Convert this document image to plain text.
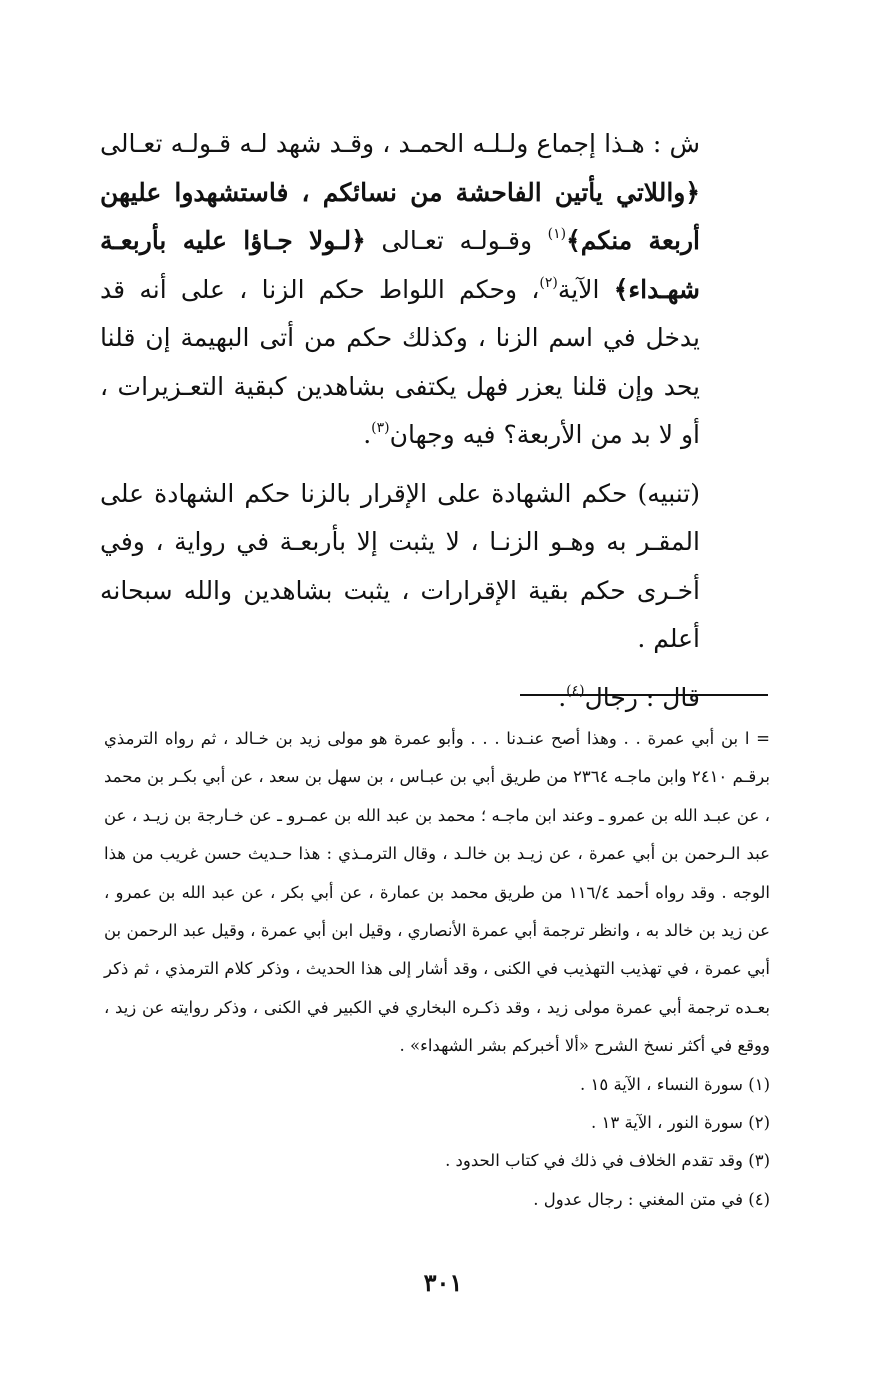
ش : هـذا إجماع ولـلـه الحمـد ، وقـد شهد لـه قـولـه تعـالى ﴿واللاتي يأتين الفاحشة من نسائكم ، فاستشهدوا عليهن أربعة منكم﴾$^{(١)}$ وقـولـه تعـالى ﴿لـولا جـاؤا عليه بأربعـة شهـداء﴾ الآية$^{(٢)}$، وحكم اللواط حكم الزنا ، على أنه قد يدخل في اسم الزنا ، وكذلك حكم من أتى البهيمة إن قلنا يحد وإن قلنا يعزر فهل يكتفى بشاهدين كبقية التعـزيرات ، أو لا بد من الأربعة؟ فيه وجهان$^{(٣)}$.

(تنبيه) حكم الشهادة على الإقرار بالزنا حكم الشهادة على المقـر به وهـو الزنـا ، لا يثبت إلا بأربعـة في رواية ، وفي أخـرى حكم بقية الإقرارات ، يثبت بشاهدين والله سبحانه أعلم .

قال : رجال$^{(٤)}$.

= ا بن أبي عمرة . . وهذا أصح عنـدنا . . . وأبو عمرة هو مولى زيد بن خـالد ، ثم رواه الترمذي برقـم ٢٤١٠ وابن ماجـه ٢٣٦٤ من طريق أبي بن عبـاس ، بن سهل بن سعد ، عن أبي بكـر بن محمد ، عن عبـد الله بن عمرو ـ وعند ابن ماجـه ؛ محمد بن عبد الله بن عمـرو ـ عن خـارجة بن زيـد ، عن عبد الـرحمن بن أبي عمرة ، عن زيـد بن خالـد ، وقال الترمـذي : هذا حـديث حسن غريب من هذا الوجه . وقد رواه أحمد ١١٦/٤ من طريق محمد بن عمارة ، عن أبي بكر ، عن عبد الله بن عمرو ، عن زيد بن خالد به ، وانظر ترجمة أبي عمرة الأنصاري ، وقيل ابن أبي عمرة ، وقيل عبد الرحمن بن أبي عمرة ، في تهذيب التهذيب في الكنى ، وقد أشار إلى هذا الحديث ، وذكر كلام الترمذي ، ثم ذكر بعـده ترجمة أبي عمرة مولى زيد ، وقد ذكـره البخاري في الكبير في الكنى ، وذكر روايته عن زيد ، ووقع في أكثر نسخ الشرح «ألا أخبركم بشر الشهداء» .

(١) سورة النساء ، الآية ١٥ .

(٢) سورة النور ، الآية ١٣ .

(٣) وقد تقدم الخلاف في ذلك في كتاب الحدود .

(٤) في متن المغني : رجال عدول .

٣٠١
